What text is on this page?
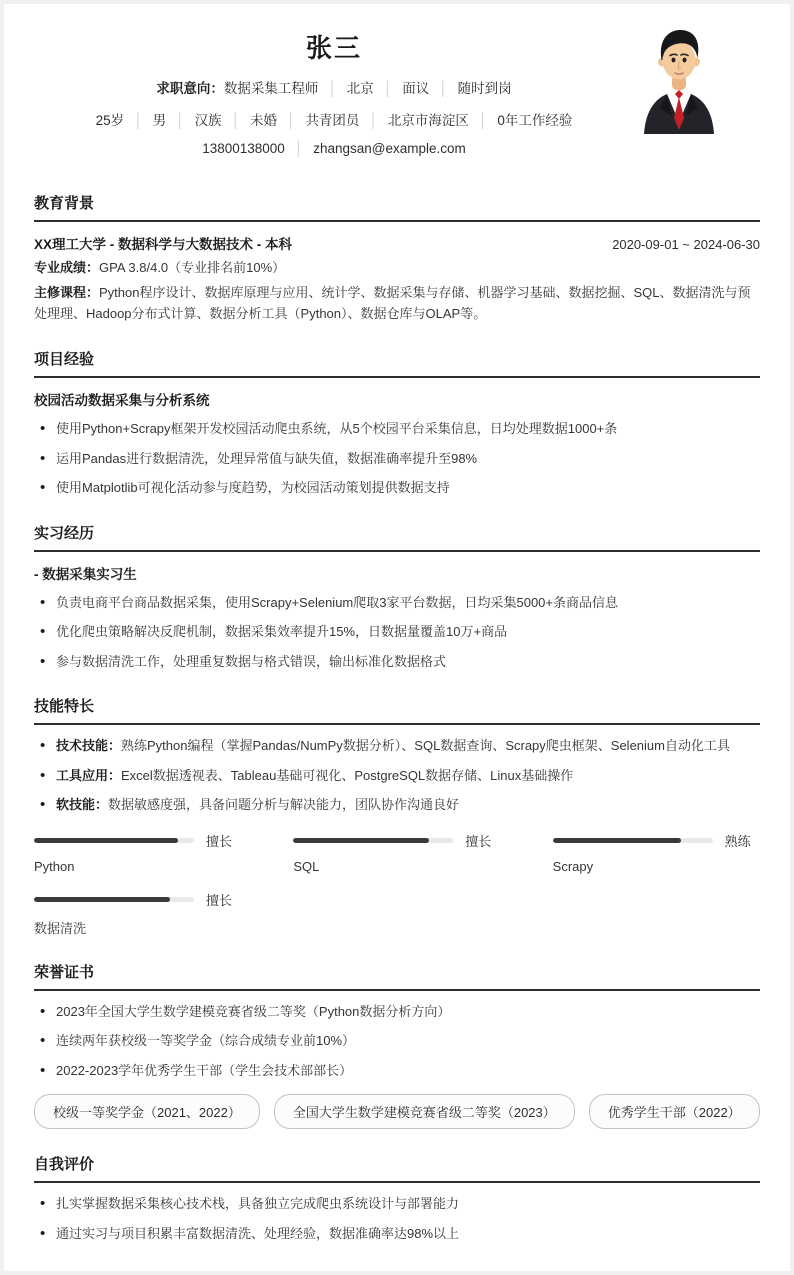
张三
求职意向：数据采集工程师 │ 北京 │ 面议 │ 随时到岗
25岁 │ 男 │ 汉族 │ 未婚 │ 共青团员 │ 北京市海淀区 │ 0年工作经验
13800138000 │ zhangsan@example.com
教育背景
XX理工大学 - 数据科学与大数据技术 - 本科	2020-09-01 ~ 2024-06-30

专业成绩：GPA 3.8/4.0（专业排名前10%）

主修课程：Python程序设计、数据库原理与应用、统计学、数据采集与存储、机器学习基础、数据挖掘、SQL、数据清洗与预处理理、Hadoop分布式计算、数据分析工具（Python）、数据仓库与OLAP等。

项目经验
校园活动数据采集与分析系统
• 使用Python+Scrapy框架开发校园活动爬虫系统，从5个校园平台采集信息，日均处理数据1000+条
• 运用Pandas进行数据清洗，处理异常值与缺失值，数据准确率提升至98%
• 使用Matplotlib可视化活动参与度趋势，为校园活动策划提供数据支持
实习经历
- 数据采集实习生
• 负责电商平台商品数据采集，使用Scrapy+Selenium爬取3家平台数据，日均采集5000+条商品信息
• 优化爬虫策略解决反爬机制，数据采集效率提升15%，日数据量覆盖10万+商品
• 参与数据清洗工作，处理重复数据与格式错误，输出标准化数据格式
技能特长
• 技术技能：熟练Python编程（掌握Pandas/NumPy数据分析）、SQL数据查询、Scrapy爬虫框架、Selenium自动化工具
• 工具应用：Excel数据透视表、Tableau基础可视化、PostgreSQL数据存储、Linux基础操作
• 软技能：数据敏感度强，具备问题分析与解决能力，团队协作沟通良好
擅长
Python
擅长
SQL
熟练
Scrapy
擅长
数据清洗
荣誉证书
• 2023年全国大学生数学建模竞赛省级二等奖（Python数据分析方向）
• 连续两年获校级一等奖学金（综合成绩专业前10%）
• 2022-2023学年优秀学生干部（学生会技术部部长）
校级一等奖学金（2021、2022）	全国大学生数学建模竞赛省级二等奖（2023）	优秀学生干部（2022）
自我评价
• 扎实掌握数据采集核心技术栈，具备独立完成爬虫系统设计与部署能力
• 通过实习与项目积累丰富数据清洗、处理经验，数据准确率达98%以上
